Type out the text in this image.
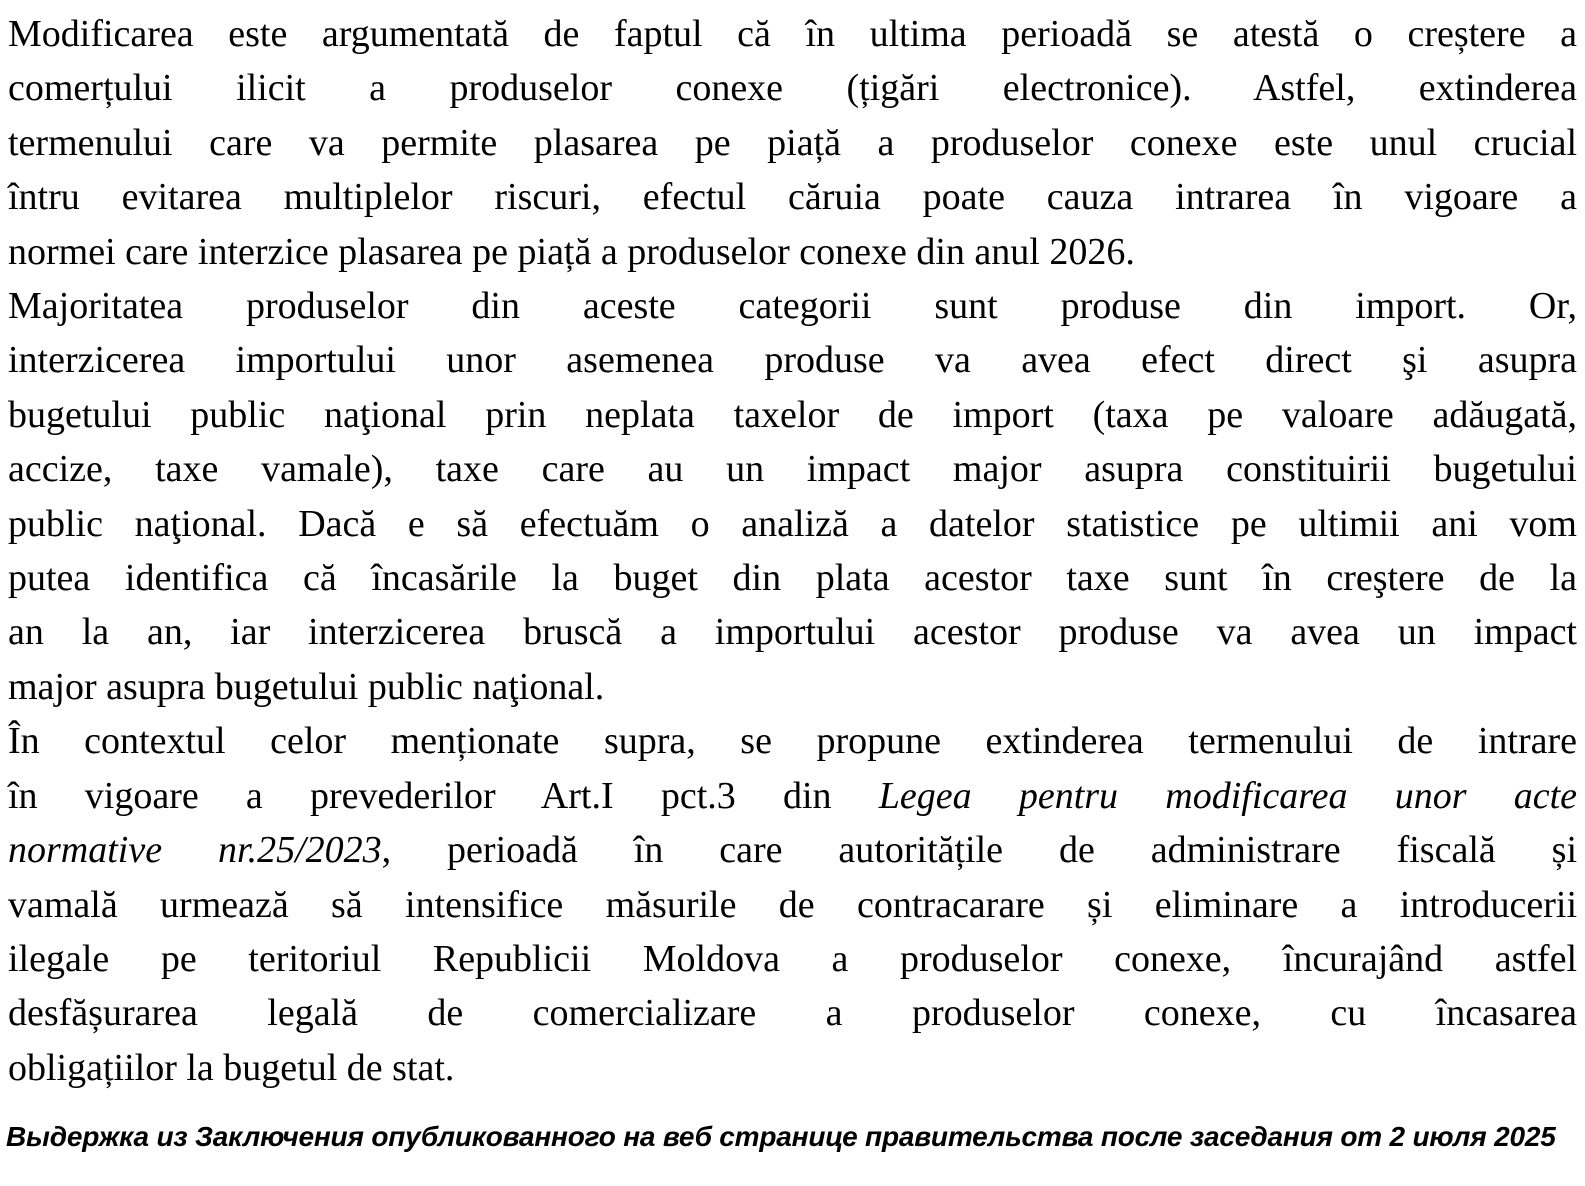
Modificarea este argumentată de faptul că în ultima perioadă se atestă o creștere a
comerțului ilicit a produselor conexe (țigări electronice). Astfel, extinderea
termenului care va permite plasarea pe piață a produselor conexe este unul crucial
întru evitarea multiplelor riscuri, efectul căruia poate cauza intrarea în vigoare a
normei care interzice plasarea pe piață a produselor conexe din anul 2026.
Majoritatea produselor din aceste categorii sunt produse din import. Or,
interzicerea importului unor asemenea produse va avea efect direct şi asupra
bugetului public naţional prin neplata taxelor de import (taxa pe valoare adăugată,
accize, taxe vamale), taxe care au un impact major asupra constituirii bugetului
public naţional. Dacă e să efectuăm o analiză a datelor statistice pe ultimii ani vom
putea identifica că încasările la buget din plata acestor taxe sunt în creştere de la
an la an, iar interzicerea bruscă a importului acestor produse va avea un impact
major asupra bugetului public naţional.
În contextul celor menționate supra, se propune extinderea termenului de intrare
în vigoare a prevederilor Art.I pct.3 din Legea pentru modificarea unor acte
normative nr.25/2023, perioadă în care autoritățile de administrare fiscală și
vamală urmează să intensifice măsurile de contracarare și eliminare a introducerii
ilegale pe teritoriul Republicii Moldova a produselor conexe, încurajând astfel
desfășurarea legală de comercializare a produselor conexe, cu încasarea
obligațiilor la bugetul de stat.
Выдержка из Заключения опубликованного на веб странице правительства после заседания от 2 июля 2025
